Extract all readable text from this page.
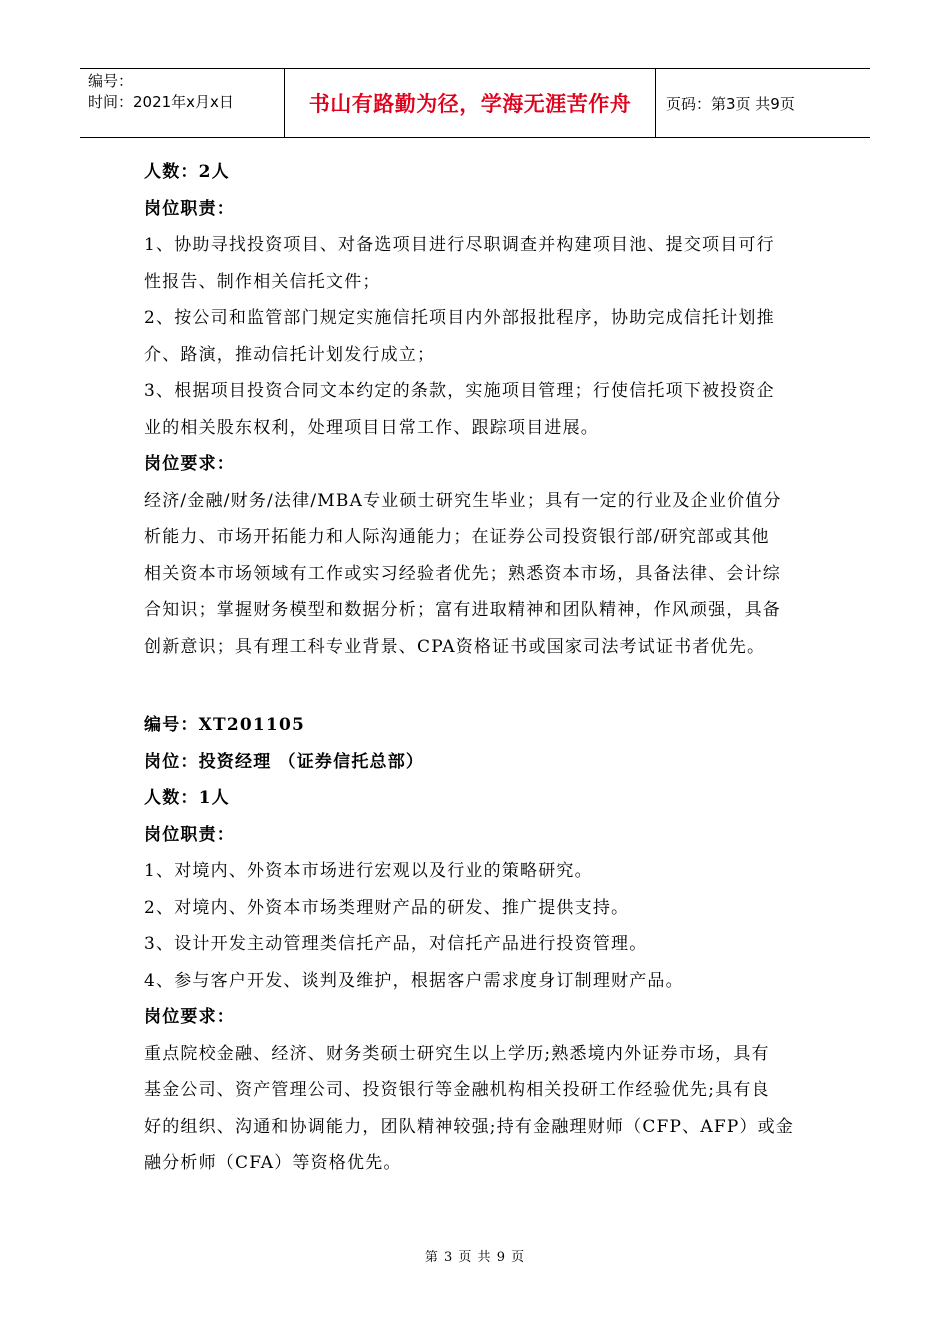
编号：
时间：2021年x月x日	书山有路勤为径，学海无涯苦作舟	页码：第3页 共9页
人数：2人
岗位职责：
1、协助寻找投资项目、对备选项目进行尽职调查并构建项目池、提交项目可行
性报告、制作相关信托文件；
2、按公司和监管部门规定实施信托项目内外部报批程序，协助完成信托计划推
介、路演，推动信托计划发行成立；
3、根据项目投资合同文本约定的条款，实施项目管理；行使信托项下被投资企
业的相关股东权利，处理项目日常工作、跟踪项目进展。
岗位要求：
经济/金融/财务/法律/MBA专业硕士研究生毕业；具有一定的行业及企业价值分
析能力、市场开拓能力和人际沟通能力；在证券公司投资银行部/研究部或其他
相关资本市场领域有工作或实习经验者优先；熟悉资本市场，具备法律、会计综
合知识；掌握财务模型和数据分析；富有进取精神和团队精神，作风顽强，具备
创新意识；具有理工科专业背景、CPA资格证书或国家司法考试证书者优先。
编号：XT201105
岗位：投资经理 （证券信托总部）
人数：1人
岗位职责：
1、对境内、外资本市场进行宏观以及行业的策略研究。
2、对境内、外资本市场类理财产品的研发、推广提供支持。
3、设计开发主动管理类信托产品，对信托产品进行投资管理。
4、参与客户开发、谈判及维护，根据客户需求度身订制理财产品。
岗位要求：
重点院校金融、经济、财务类硕士研究生以上学历;熟悉境内外证券市场，具有
基金公司、资产管理公司、投资银行等金融机构相关投研工作经验优先;具有良
好的组织、沟通和协调能力，团队精神较强;持有金融理财师（CFP、AFP）或金
融分析师（CFA）等资格优先。
第 3 页 共 9 页
